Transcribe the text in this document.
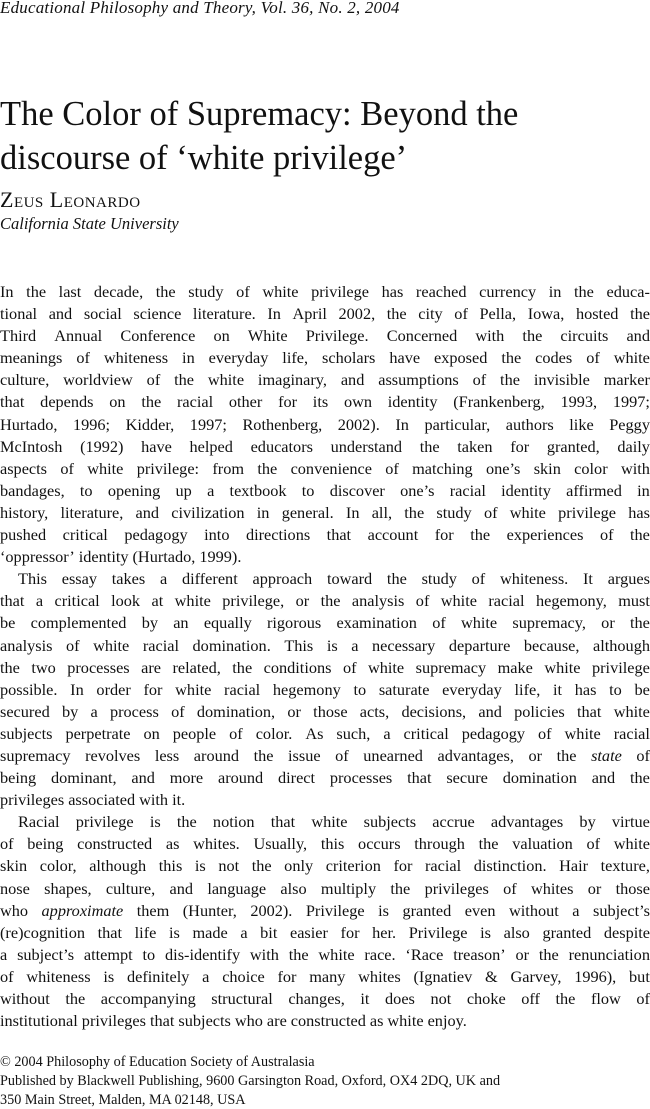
Educational Philosophy and Theory, Vol. 36, No. 2, 2004
The Color of Supremacy: Beyond the
discourse of ‘white privilege’
Zeus Leonardo
California State University
In the last decade, the study of white privilege has reached currency in the educa-
tional and social science literature. In April 2002, the city of Pella, Iowa, hosted the
Third Annual Conference on White Privilege. Concerned with the circuits and
meanings of whiteness in everyday life, scholars have exposed the codes of white
culture, worldview of the white imaginary, and assumptions of the invisible marker
that depends on the racial other for its own identity (Frankenberg, 1993, 1997;
Hurtado, 1996; Kidder, 1997; Rothenberg, 2002). In particular, authors like Peggy
McIntosh (1992) have helped educators understand the taken for granted, daily
aspects of white privilege: from the convenience of matching one’s skin color with
bandages, to opening up a textbook to discover one’s racial identity affirmed in
history, literature, and civilization in general. In all, the study of white privilege has
pushed critical pedagogy into directions that account for the experiences of the
‘oppressor’ identity (Hurtado, 1999).
This essay takes a different approach toward the study of whiteness. It argues
that a critical look at white privilege, or the analysis of white racial hegemony, must
be complemented by an equally rigorous examination of white supremacy, or the
analysis of white racial domination. This is a necessary departure because, although
the two processes are related, the conditions of white supremacy make white privilege
possible. In order for white racial hegemony to saturate everyday life, it has to be
secured by a process of domination, or those acts, decisions, and policies that white
subjects perpetrate on people of color. As such, a critical pedagogy of white racial
supremacy revolves less around the issue of unearned advantages, or the state of
being dominant, and more around direct processes that secure domination and the
privileges associated with it.
Racial privilege is the notion that white subjects accrue advantages by virtue
of being constructed as whites. Usually, this occurs through the valuation of white
skin color, although this is not the only criterion for racial distinction. Hair texture,
nose shapes, culture, and language also multiply the privileges of whites or those
who approximate them (Hunter, 2002). Privilege is granted even without a subject’s
(re)cognition that life is made a bit easier for her. Privilege is also granted despite
a subject’s attempt to dis-identify with the white race. ‘Race treason’ or the renunciation
of whiteness is definitely a choice for many whites (Ignatiev & Garvey, 1996), but
without the accompanying structural changes, it does not choke off the flow of
institutional privileges that subjects who are constructed as white enjoy.
© 2004 Philosophy of Education Society of Australasia
Published by Blackwell Publishing, 9600 Garsington Road, Oxford, OX4 2DQ, UK and
350 Main Street, Malden, MA 02148, USA
